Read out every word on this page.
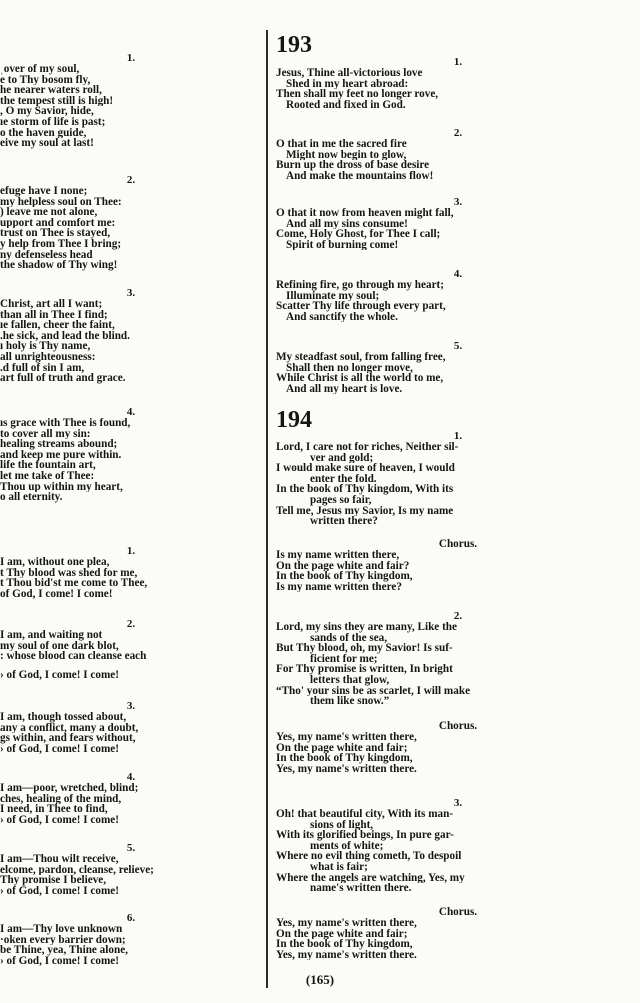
1.

ˌover of my soul,

e to Thy bosom fly,

he nearer waters roll,

the tempest still is high!

, O my Savior, hide,

ıe storm of life is past;

o the haven guide,

eive my soul at last!

2.

efuge have I none;

my helpless soul on Thee:

) leave me not alone,

upport and comfort me:

trust on Thee is stayed,

y help from Thee I bring;

ny defenseless head

the shadow of Thy wing!

3.

Christ, art all I want;

than all in Thee I find;

ıe fallen, cheer the faint,

.he sick, and lead the blind.

ı holy is Thy name,

all unrighteousness:

.d full of sin I am,

art full of truth and grace.

4.

ıs grace with Thee is found,

to cover all my sin:

healing streams abound;

and keep me pure within.

life the fountain art,

let me take of Thee:

Thou up within my heart,

o all eternity.

1.

I am, without one plea,

t Thy blood was shed for me,

t Thou bid'st me come to Thee,

of God, I come! I come!

2.

I am, and waiting not

my soul of one dark blot,

: whose blood can cleanse each

› of God, I come! I come!

3.

I am, though tossed about,

any a conflict, many a doubt,

gs within, and fears without,

› of God, I come! I come!

4.

I am—poor, wretched, blind;

ches, healing of the mind,

I need, in Thee to find,

› of God, I come! I come!

5.

I am—Thou wilt receive,

elcome, pardon, cleanse, relieve;

Thy promise I believe,

› of God, I come! I come!

6.

I am—Thy love unknown

·oken every barrier down;

be Thine, yea, Thine alone,

› of God, I come! I come!

193

1.

Jesus, Thine all-victorious love

Shed in my heart abroad:

Then shall my feet no longer rove,

Rooted and fixed in God.

2.

O that in me the sacred fire

Might now begin to glow,

Burn up the dross of base desire

And make the mountains flow!

3.

O that it now from heaven might fall,

And all my sins consume!

Come, Holy Ghost, for Thee I call;

Spirit of burning come!

4.

Refining fire, go through my heart;

Illuminate my soul;

Scatter Thy life through every part,

And sanctify the whole.

5.

My steadfast soul, from falling free,

Shall then no longer move,

While Christ is all the world to me,

And all my heart is love.

194

1.

Lord, I care not for riches, Neither sil-

ver and gold;

I would make sure of heaven, I would

enter the fold.

In the book of Thy kingdom, With its

pages so fair,

Tell me, Jesus my Savior, Is my name

written there?

Chorus.

Is my name written there,

On the page white and fair?

In the book of Thy kingdom,

Is my name written there?

2.

Lord, my sins they are many, Like the

sands of the sea,

But Thy blood, oh, my Savior! Is suf-

ficient for me;

For Thy promise is written, In bright

letters that glow,

“Tho' your sins be as scarlet, I will make

them like snow.”

Chorus.

Yes, my name's written there,

On the page white and fair;

In the book of Thy kingdom,

Yes, my name's written there.

3.

Oh! that beautiful city, With its man-

sions of light,

With its glorified beings, In pure gar-

ments of white;

Where no evil thing cometh, To despoil

what is fair;

Where the angels are watching, Yes, my

name's written there.

Chorus.

Yes, my name's written there,

On the page white and fair;

In the book of Thy kingdom,

Yes, my name's written there.

(165)
